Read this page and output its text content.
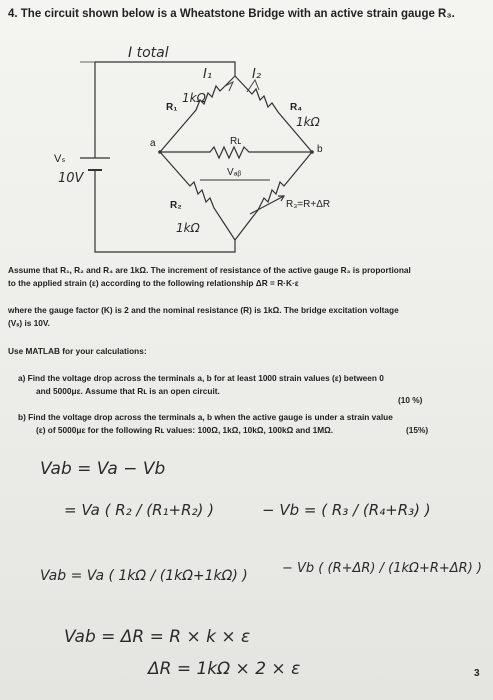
4. The circuit shown below is a Wheatstone Bridge with an active strain gauge R₃.
I total
I₁	I₂
R₁
1kΩ
R₄
1kΩ
Rʟ
a
b
Vₐᵦ
Vₛ
10V
R₂
1kΩ
R₃=R+ΔR
Assume that R₁, R₂ and R₄ are 1kΩ. The increment of resistance of the active gauge R₃ is proportional
to the applied strain (ε) according to the following relationship ΔR = R·K·ε
where the gauge factor (K) is 2 and the nominal resistance (R) is 1kΩ. The bridge excitation voltage
(Vₛ) is 10V.
Use MATLAB for your calculations:
a) Find the voltage drop across the terminals a, b for at least 1000 strain values (ε) between 0
and 5000με. Assume that Rʟ is an open circuit.
(10 %)
b) Find the voltage drop across the terminals a, b when the active gauge is under a strain value
(ε) of 5000με for the following Rʟ values: 100Ω, 1kΩ, 10kΩ, 100kΩ and 1MΩ.	(15%)
Vab = Va − Vb
= Va ( R₂ / (R₁+R₂) )	− Vb = ( R₃ / (R₄+R₃) )
Vab = Va ( 1kΩ / (1kΩ+1kΩ) )	− Vb ( (R+ΔR) / (1kΩ+R+ΔR) )
Vab = ΔR = R × k × ε
ΔR = 1kΩ × 2 × ε	3
